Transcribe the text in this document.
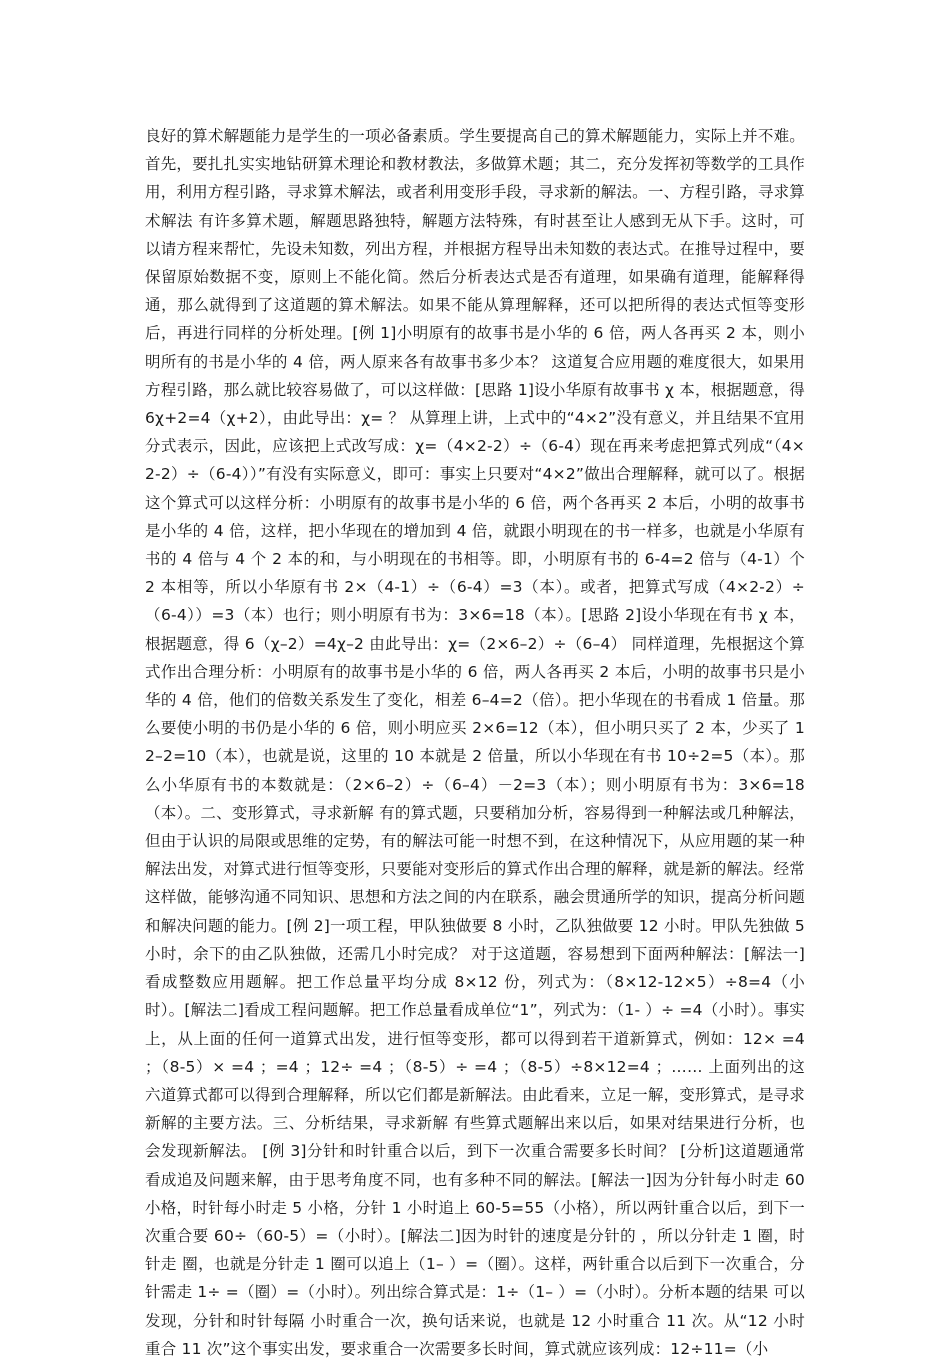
良好的算术解题能力是学生的一项必备素质。学生要提高自己的算术解题能力，实际上并不难。首先，要扎扎实实地钻研算术理论和教材教法，多做算术题；其二，充分发挥初等数学的工具作用，利用方程引路，寻求算术解法，或者利用变形手段，寻求新的解法。一、方程引路，寻求算术解法 有许多算术题，解题思路独特，解题方法特殊，有时甚至让人感到无从下手。这时，可以请方程来帮忙，先设未知数，列出方程，并根据方程导出未知数的表达式。在推导过程中，要保留原始数据不变，原则上不能化简。然后分析表达式是否有道理，如果确有道理，能解释得通，那么就得到了这道题的算术解法。如果不能从算理解释，还可以把所得的表达式恒等变形后，再进行同样的分析处理。[例 1]小明原有的故事书是小华的 6 倍，两人各再买 2 本，则小明所有的书是小华的 4 倍，两人原来各有故事书多少本？ 这道复合应用题的难度很大，如果用方程引路，那么就比较容易做了，可以这样做：[思路 1]设小华原有故事书 χ 本，根据题意，得 6χ+2=4（χ+2），由此导出：χ= ？ 从算理上讲，上式中的“4×2”没有意义，并且结果不宜用分式表示，因此，应该把上式改写成：χ=（4×2-2）÷（6-4）现在再来考虑把算式列成“（4×2-2）÷（6-4））”有没有实际意义，即可：事实上只要对“4×2”做出合理解释，就可以了。根据这个算式可以这样分析：小明原有的故事书是小华的 6 倍，两个各再买 2 本后，小明的故事书是小华的 4 倍，这样，把小华现在的增加到 4 倍，就跟小明现在的书一样多，也就是小华原有书的 4 倍与 4 个 2 本的和，与小明现在的书相等。即，小明原有书的 6-4=2 倍与（4-1）个 2 本相等，所以小华原有书 2×（4-1）÷（6-4）=3（本）。或者，把算式写成（4×2-2）÷（6-4））=3（本）也行；则小明原有书为：3×6=18（本）。[思路 2]设小华现在有书 χ 本，根据题意，得 6（χ–2）=4χ–2 由此导出：χ=（2×6–2）÷（6–4） 同样道理，先根据这个算式作出合理分析：小明原有的故事书是小华的 6 倍，两人各再买 2 本后，小明的故事书只是小华的 4 倍，他们的倍数关系发生了变化，相差 6–4=2（倍）。把小华现在的书看成 1 倍量。那么要使小明的书仍是小华的 6 倍，则小明应买 2×6=12（本），但小明只买了 2 本，少买了 12–2=10（本），也就是说，这里的 10 本就是 2 倍量，所以小华现在有书 10÷2=5（本）。那么小华原有书的本数就是：（2×6–2）÷（6–4）－2=3（本）；则小明原有书为：3×6=18（本）。二、变形算式，寻求新解 有的算式题，只要稍加分析，容易得到一种解法或几种解法，但由于认识的局限或思维的定势，有的解法可能一时想不到，在这种情况下，从应用题的某一种解法出发，对算式进行恒等变形，只要能对变形后的算式作出合理的解释，就是新的解法。经常这样做，能够沟通不同知识、思想和方法之间的内在联系，融会贯通所学的知识，提高分析问题和解决问题的能力。[例 2]一项工程，甲队独做要 8 小时，乙队独做要 12 小时。甲队先独做 5 小时，余下的由乙队独做，还需几小时完成？ 对于这道题，容易想到下面两种解法：[解法一]看成整数应用题解。把工作总量平均分成 8×12 份，列式为：（8×12-12×5）÷8=4（小时）。[解法二]看成工程问题解。把工作总量看成单位“1”，列式为：（1- ）÷ =4（小时）。事实上，从上面的任何一道算式出发，进行恒等变形，都可以得到若干道新算式，例如：12× =4 ；（8-5）× =4 ；=4 ；12÷ =4 ；（8-5）÷ =4 ；（8-5）÷8×12=4 ；…… 上面列出的这六道算式都可以得到合理解释，所以它们都是新解法。由此看来，立足一解，变形算式，是寻求新解的主要方法。三、分析结果，寻求新解 有些算式题解出来以后，如果对结果进行分析，也会发现新解法。 [例 3]分针和时针重合以后，到下一次重合需要多长时间？ [分析]这道题通常看成追及问题来解，由于思考角度不同，也有多种不同的解法。[解法一]因为分针每小时走 60 小格，时针每小时走 5 小格，分针 1 小时追上 60-5=55（小格），所以两针重合以后，到下一次重合要 60÷（60-5）=（小时）。[解法二]因为时针的速度是分针的 ，所以分针走 1 圈，时针走 圈，也就是分针走 1 圈可以追上（1– ）=（圈）。这样，两针重合以后到下一次重合，分针需走 1÷ =（圈）=（小时）。列出综合算式是：1÷（1– ）=（小时）。分析本题的结果 可以发现，分针和时针每隔 小时重合一次，换句话来说，也就是 12 小时重合 11 次。从“12 小时重合 11 次”这个事实出发，要求重合一次需要多长时间，算式就应该列成：12÷11=（小
